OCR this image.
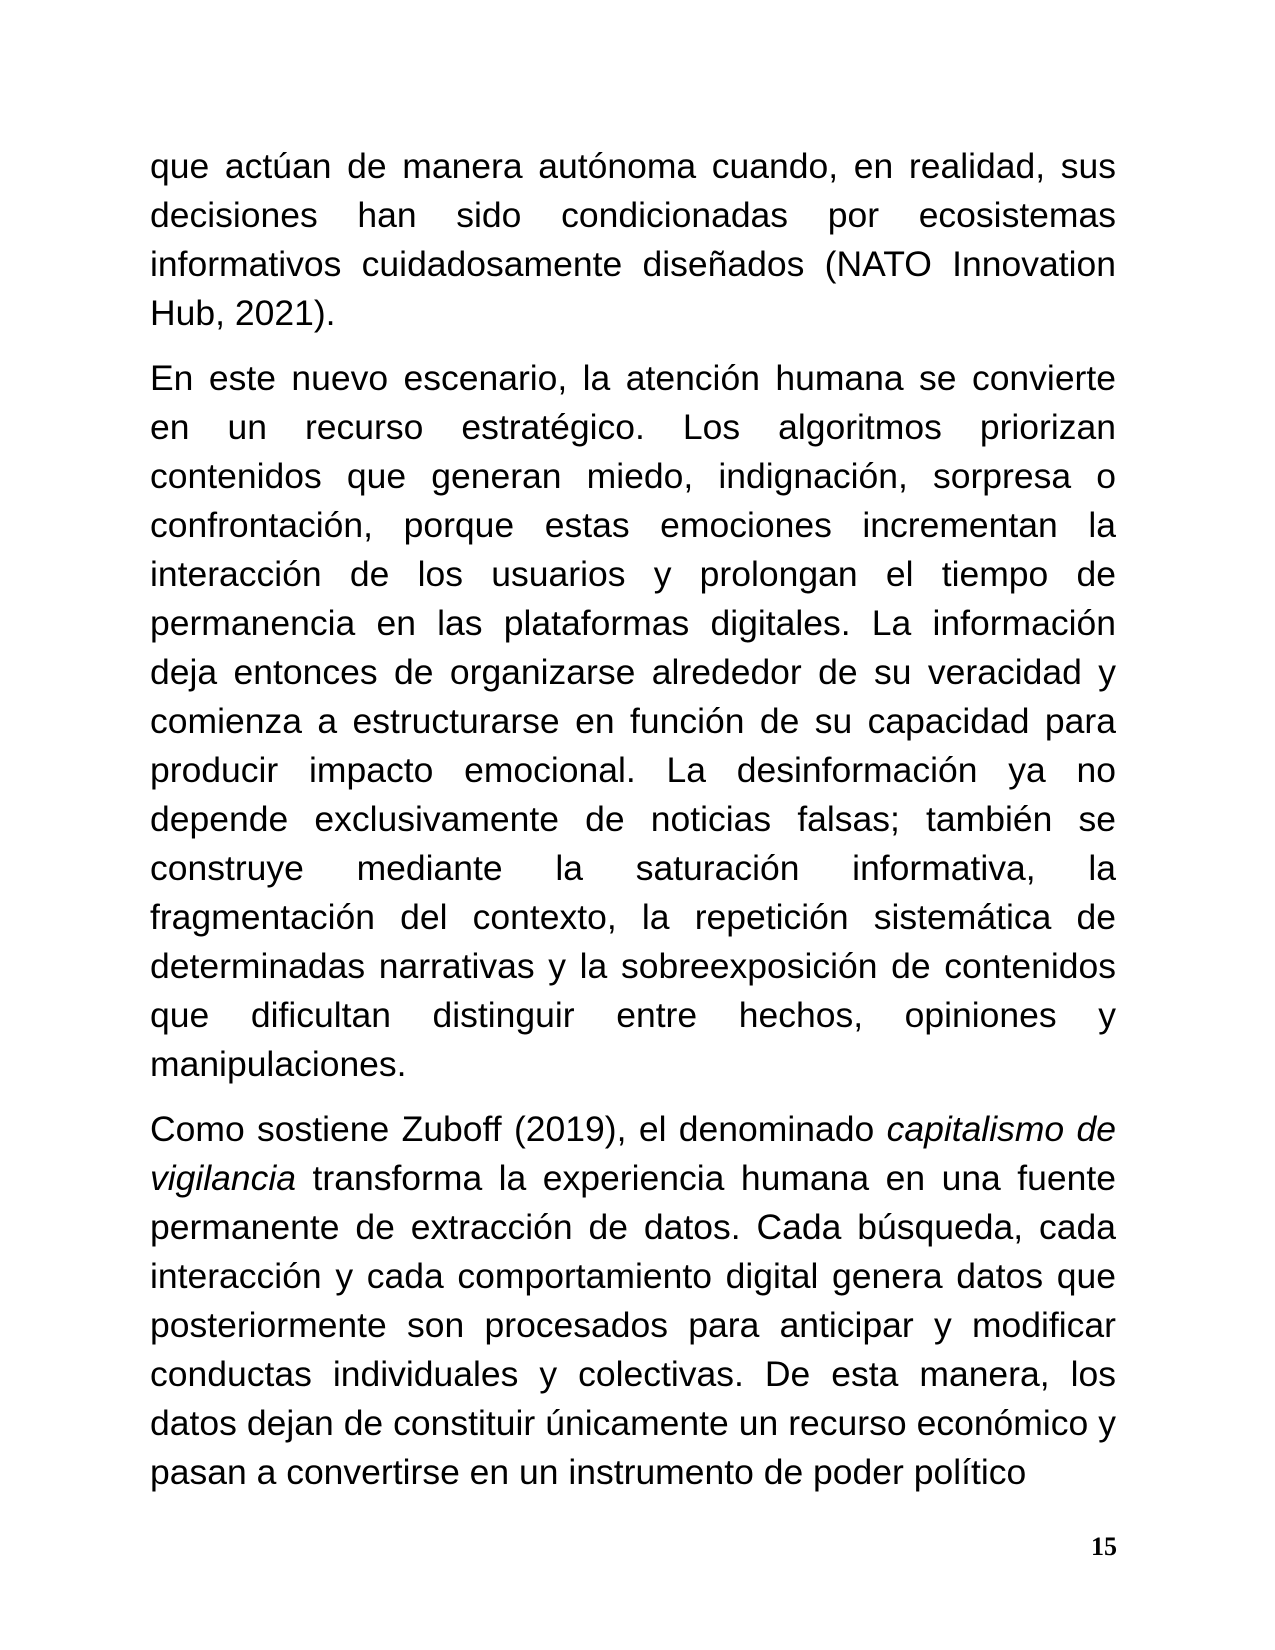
que actúan de manera autónoma cuando, en realidad, sus decisiones han sido condicionadas por ecosistemas informativos cuidadosamente diseñados (NATO Innovation Hub, 2021).

En este nuevo escenario, la atención humana se convierte en un recurso estratégico. Los algoritmos priorizan contenidos que generan miedo, indignación, sorpresa o confrontación, porque estas emociones incrementan la interacción de los usuarios y prolongan el tiempo de permanencia en las plataformas digitales. La información deja entonces de organizarse alrededor de su veracidad y comienza a estructurarse en función de su capacidad para producir impacto emocional. La desinformación ya no depende exclusivamente de noticias falsas; también se construye mediante la saturación informativa, la fragmentación del contexto, la repetición sistemática de determinadas narrativas y la sobreexposición de contenidos que dificultan distinguir entre hechos, opiniones y manipulaciones.

Como sostiene Zuboff (2019), el denominado capitalismo de vigilancia transforma la experiencia humana en una fuente permanente de extracción de datos. Cada búsqueda, cada interacción y cada comportamiento digital genera datos que posteriormente son procesados para anticipar y modificar conductas individuales y colectivas. De esta manera, los datos dejan de constituir únicamente un recurso económico y pasan a convertirse en un instrumento de poder político

15
